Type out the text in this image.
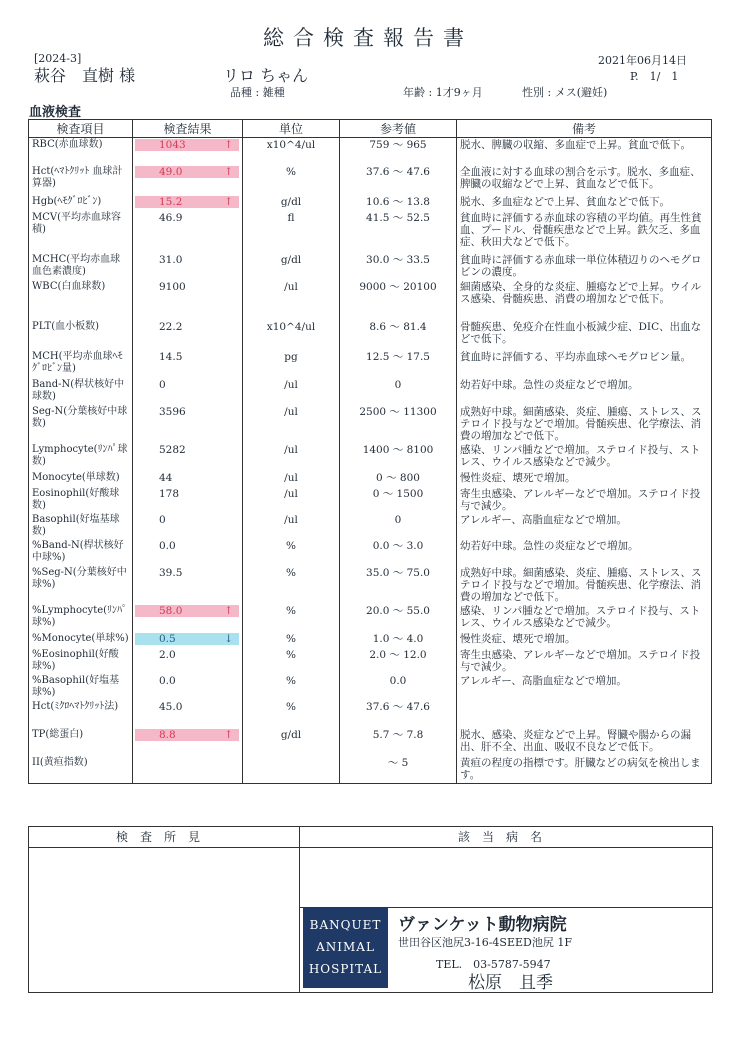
総合検査報告書
[2024-3]
萩谷　直樹 様	リロ ちゃん
2021年06月14日
P.　1/　1
品種 : 雑種	年齢 : 1才9ヶ月	性別 : メス(避妊)
血液検査
検査項目	検査結果	単位	参考値	備考
RBC(赤血球数)	1043 ↑	x10^4/ul	759 ～ 965	脱水、脾臓の収縮、多血症で上昇。貧血で低下。
Hct(ﾍﾏﾄｸﾘｯﾄ 血球計算器)	49.0 ↑	%	37.6 ～ 47.6	全血液に対する血球の割合を示す。脱水、多血症、脾臓の収縮などで上昇、貧血などで低下。
Hgb(ﾍﾓｸﾞﾛﾋﾞﾝ)	15.2 ↑	g/dl	10.6 ～ 13.8	脱水、多血症などで上昇、貧血などで低下。
MCV(平均赤血球容積)	46.9	fl	41.5 ～ 52.5	貧血時に評価する赤血球の容積の平均値。再生性貧血、プードル、骨髄疾患などで上昇。鉄欠乏、多血症、秋田犬などで低下。
MCHC(平均赤血球血色素濃度)	31.0	g/dl	30.0 ～ 33.5	貧血時に評価する赤血球一単位体積辺りのヘモグロビンの濃度。
WBC(白血球数)	9100	/ul	9000 ～ 20100	細菌感染、全身的な炎症、腫瘍などで上昇。ウイルス感染、骨髄疾患、消費の増加などで低下。
PLT(血小板数)	22.2	x10^4/ul	8.6 ～ 81.4	骨髄疾患、免疫介在性血小板減少症、DIC、出血などで低下。
MCH(平均赤血球ﾍﾓｸﾞﾛﾋﾞﾝ量)	14.5	pg	12.5 ～ 17.5	貧血時に評価する、平均赤血球ヘモグロビン量。
Band-N(桿状核好中球数)	0	/ul	0	幼若好中球。急性の炎症などで増加。
Seg-N(分葉核好中球数)	3596	/ul	2500 ～ 11300	成熟好中球。細菌感染、炎症、腫瘍、ストレス、ステロイド投与などで増加。骨髄疾患、化学療法、消費の増加などで低下。
Lymphocyte(ﾘﾝﾊﾟ球数)	5282	/ul	1400 ～ 8100	感染、リンパ腫などで増加。ステロイド投与、ストレス、ウイルス感染などで減少。
Monocyte(単球数)	44	/ul	0 ～ 800	慢性炎症、壊死で増加。
Eosinophil(好酸球数)	178	/ul	0 ～ 1500	寄生虫感染、アレルギーなどで増加。ステロイド投与で減少。
Basophil(好塩基球数)	0	/ul	0	アレルギー、高脂血症などで増加。
%Band-N(桿状核好中球%)	0.0	%	0.0 ～ 3.0	幼若好中球。急性の炎症などで増加。
%Seg-N(分葉核好中球%)	39.5	%	35.0 ～ 75.0	成熟好中球。細菌感染、炎症、腫瘍、ストレス、ステロイド投与などで増加。骨髄疾患、化学療法、消費の増加などで低下。
%Lymphocyte(ﾘﾝﾊﾟ球%)	58.0 ↑	%	20.0 ～ 55.0	感染、リンパ腫などで増加。ステロイド投与、ストレス、ウイルス感染などで減少。
%Monocyte(単球%)	0.5 ↓	%	1.0 ～ 4.0	慢性炎症、壊死で増加。
%Eosinophil(好酸球%)	2.0	%	2.0 ～ 12.0	寄生虫感染、アレルギーなどで増加。ステロイド投与で減少。
%Basophil(好塩基球%)	0.0	%	0.0	アレルギー、高脂血症などで増加。
Hct(ﾐｸﾛﾍﾏﾄｸﾘｯﾄ法)	45.0	%	37.6 ～ 47.6	
TP(総蛋白)	8.8 ↑	g/dl	5.7 ～ 7.8	脱水、感染、炎症などで上昇。腎臓や腸からの漏出、肝不全、出血、吸収不良などで低下。
II(黄疸指数)			～ 5	黄疸の程度の指標です。肝臓などの病気を検出します。
検査所見	該当病名
BANQUET
ANIMAL
HOSPITAL
ヴァンケット動物病院
世田谷区池尻3-16-4SEED池尻 1F
TEL.　03-5787-5947
松原　且季
